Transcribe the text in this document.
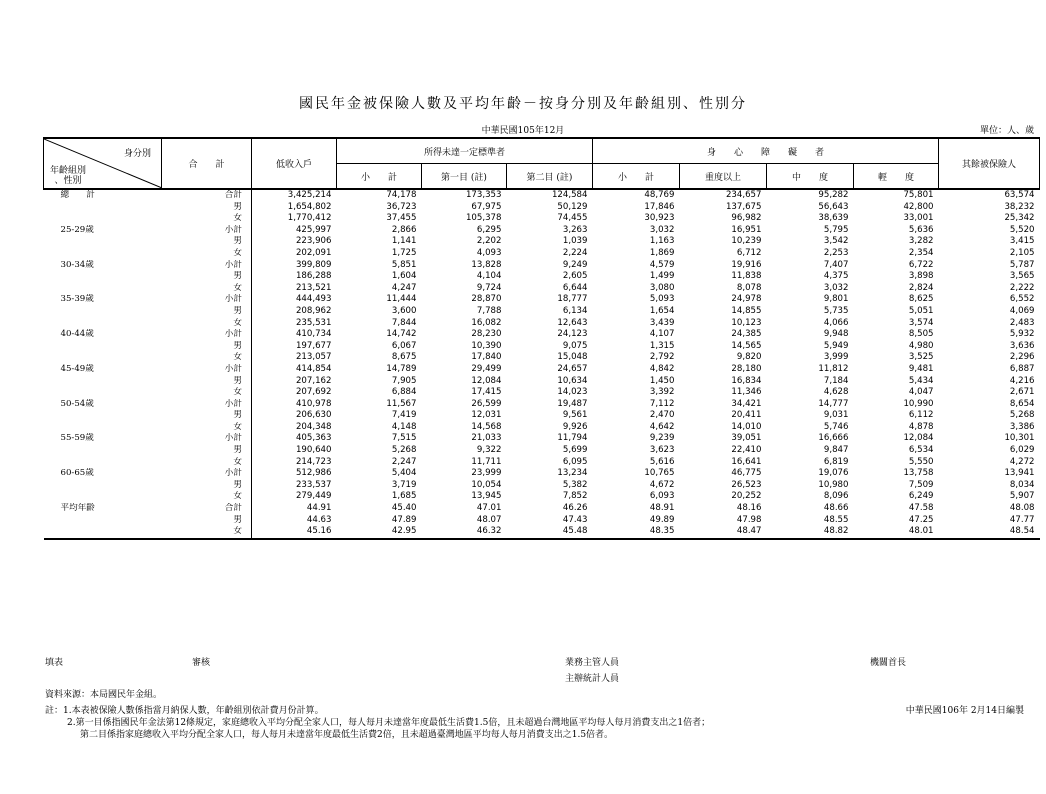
國民年金被保險人數及平均年齡－按身分別及年齡組別、性別分
中華民國105年12月	單位：人、歲
身分別
年齡組別
、性別	合　　計	低收入戶	所得未達一定標準者			身　　心　　障　　礙　　者				其餘被保險人	
			小　　計	第一目 (註)	第二目 (註)	小　　計	重度以上	中　　度	輕　　度		
總　　計	合計	3,425,214	74,178	173,353	124,584	48,769	234,657	95,282	75,801	63,574	
	男	1,654,802	36,723	67,975	50,129	17,846	137,675	56,643	42,800	38,232	
	女	1,770,412	37,455	105,378	74,455	30,923	96,982	38,639	33,001	25,342	
25-29歲	小計	425,997	2,866	6,295	3,263	3,032	16,951	5,795	5,636	5,520	
	男	223,906	1,141	2,202	1,039	1,163	10,239	3,542	3,282	3,415	
	女	202,091	1,725	4,093	2,224	1,869	6,712	2,253	2,354	2,105	
30-34歲	小計	399,809	5,851	13,828	9,249	4,579	19,916	7,407	6,722	5,787	
	男	186,288	1,604	4,104	2,605	1,499	11,838	4,375	3,898	3,565	
	女	213,521	4,247	9,724	6,644	3,080	8,078	3,032	2,824	2,222	
35-39歲	小計	444,493	11,444	28,870	18,777	5,093	24,978	9,801	8,625	6,552	
	男	208,962	3,600	7,788	6,134	1,654	14,855	5,735	5,051	4,069	
	女	235,531	7,844	16,082	12,643	3,439	10,123	4,066	3,574	2,483	
40-44歲	小計	410,734	14,742	28,230	24,123	4,107	24,385	9,948	8,505	5,932	
	男	197,677	6,067	10,390	9,075	1,315	14,565	5,949	4,980	3,636	
	女	213,057	8,675	17,840	15,048	2,792	9,820	3,999	3,525	2,296	
45-49歲	小計	414,854	14,789	29,499	24,657	4,842	28,180	11,812	9,481	6,887	
	男	207,162	7,905	12,084	10,634	1,450	16,834	7,184	5,434	4,216	
	女	207,692	6,884	17,415	14,023	3,392	11,346	4,628	4,047	2,671	
50-54歲	小計	410,978	11,567	26,599	19,487	7,112	34,421	14,777	10,990	8,654	
	男	206,630	7,419	12,031	9,561	2,470	20,411	9,031	6,112	5,268	
	女	204,348	4,148	14,568	9,926	4,642	14,010	5,746	4,878	3,386	
55-59歲	小計	405,363	7,515	21,033	11,794	9,239	39,051	16,666	12,084	10,301	
	男	190,640	5,268	9,322	5,699	3,623	22,410	9,847	6,534	6,029	
	女	214,723	2,247	11,711	6,095	5,616	16,641	6,819	5,550	4,272	
60-65歲	小計	512,986	5,404	23,999	13,234	10,765	46,775	19,076	13,758	13,941	
	男	233,537	3,719	10,054	5,382	4,672	26,523	10,980	7,509	8,034	
	女	279,449	1,685	13,945	7,852	6,093	20,252	8,096	6,249	5,907	
平均年齡	合計	44.91	45.40	47.01	46.26	48.91	48.16	48.66	47.58	48.08	
	男	44.63	47.89	48.07	47.43	49.89	47.98	48.55	47.25	47.77	
	女	45.16	42.95	46.32	45.48	48.35	48.47	48.82	48.01	48.54	
填表	審核	業務主管人員
主辦統計人員
機關首長
資料來源：本局國民年金組。
註：1.本表被保險人數係指當月納保人數，年齡組別依計費月份計算。
2.第一目係指國民年金法第12條規定，家庭總收入平均分配全家人口，每人每月未達當年度最低生活費1.5倍，且未超過台灣地區平均每人每月消費支出之1倍者；
第二目係指家庭總收入平均分配全家人口，每人每月未達當年度最低生活費2倍，且未超過臺灣地區平均每人每月消費支出之1.5倍者。
中華民國106年 2月14日編製
